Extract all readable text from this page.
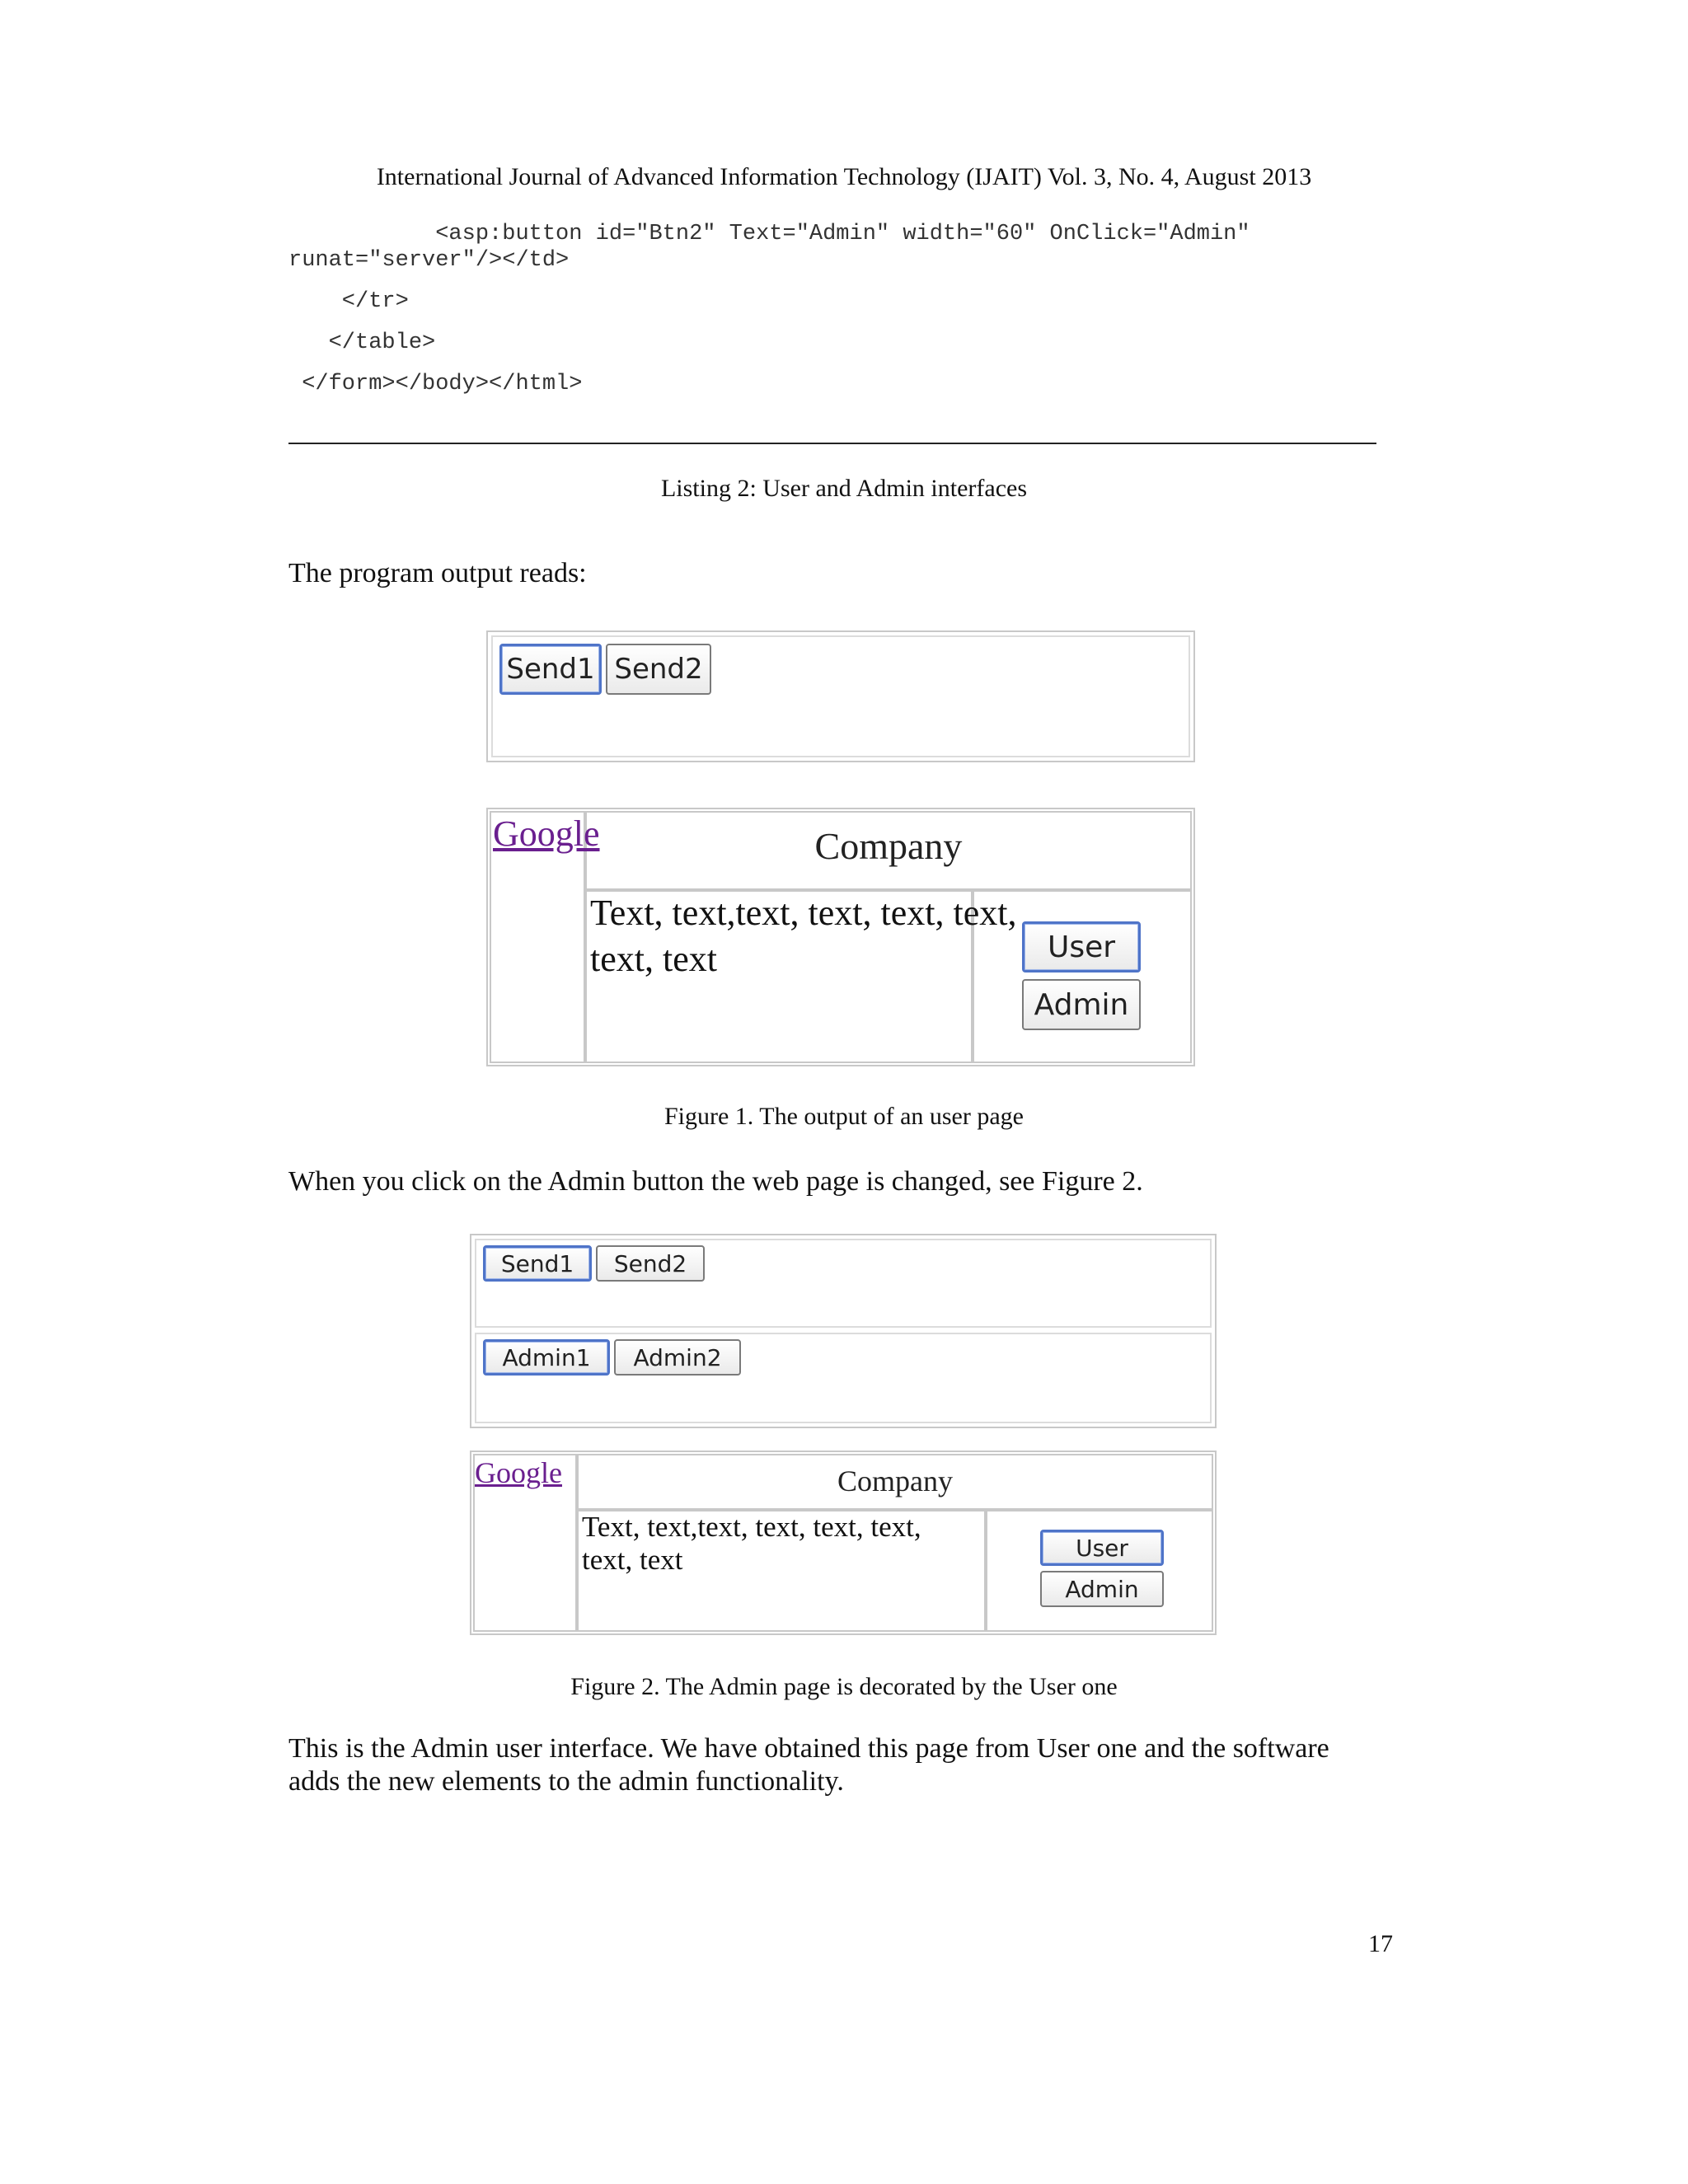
International Journal of Advanced Information Technology (IJAIT) Vol. 3, No. 4, August 2013
<asp:button id="Btn2" Text="Admin" width="60" OnClick="Admin"
runat="server"/></td>
</tr>
</table>
</form></body></html>
Listing 2: User and Admin interfaces
The program output reads:
Send1 Send2
Google	Company
Text, text,text, text, text, text,
text, text	User
Admin
Figure 1. The output of an user page
When you click on the Admin button the web page is changed, see Figure 2.
Send1	Send2
Admin1	Admin2
Google	Company
Text, text,text, text, text, text,
text, text	User
Admin
Figure 2. The Admin page is decorated by the User one
This is the Admin user interface. We have obtained this page from User one and the software
adds the new elements to the admin functionality.
17
